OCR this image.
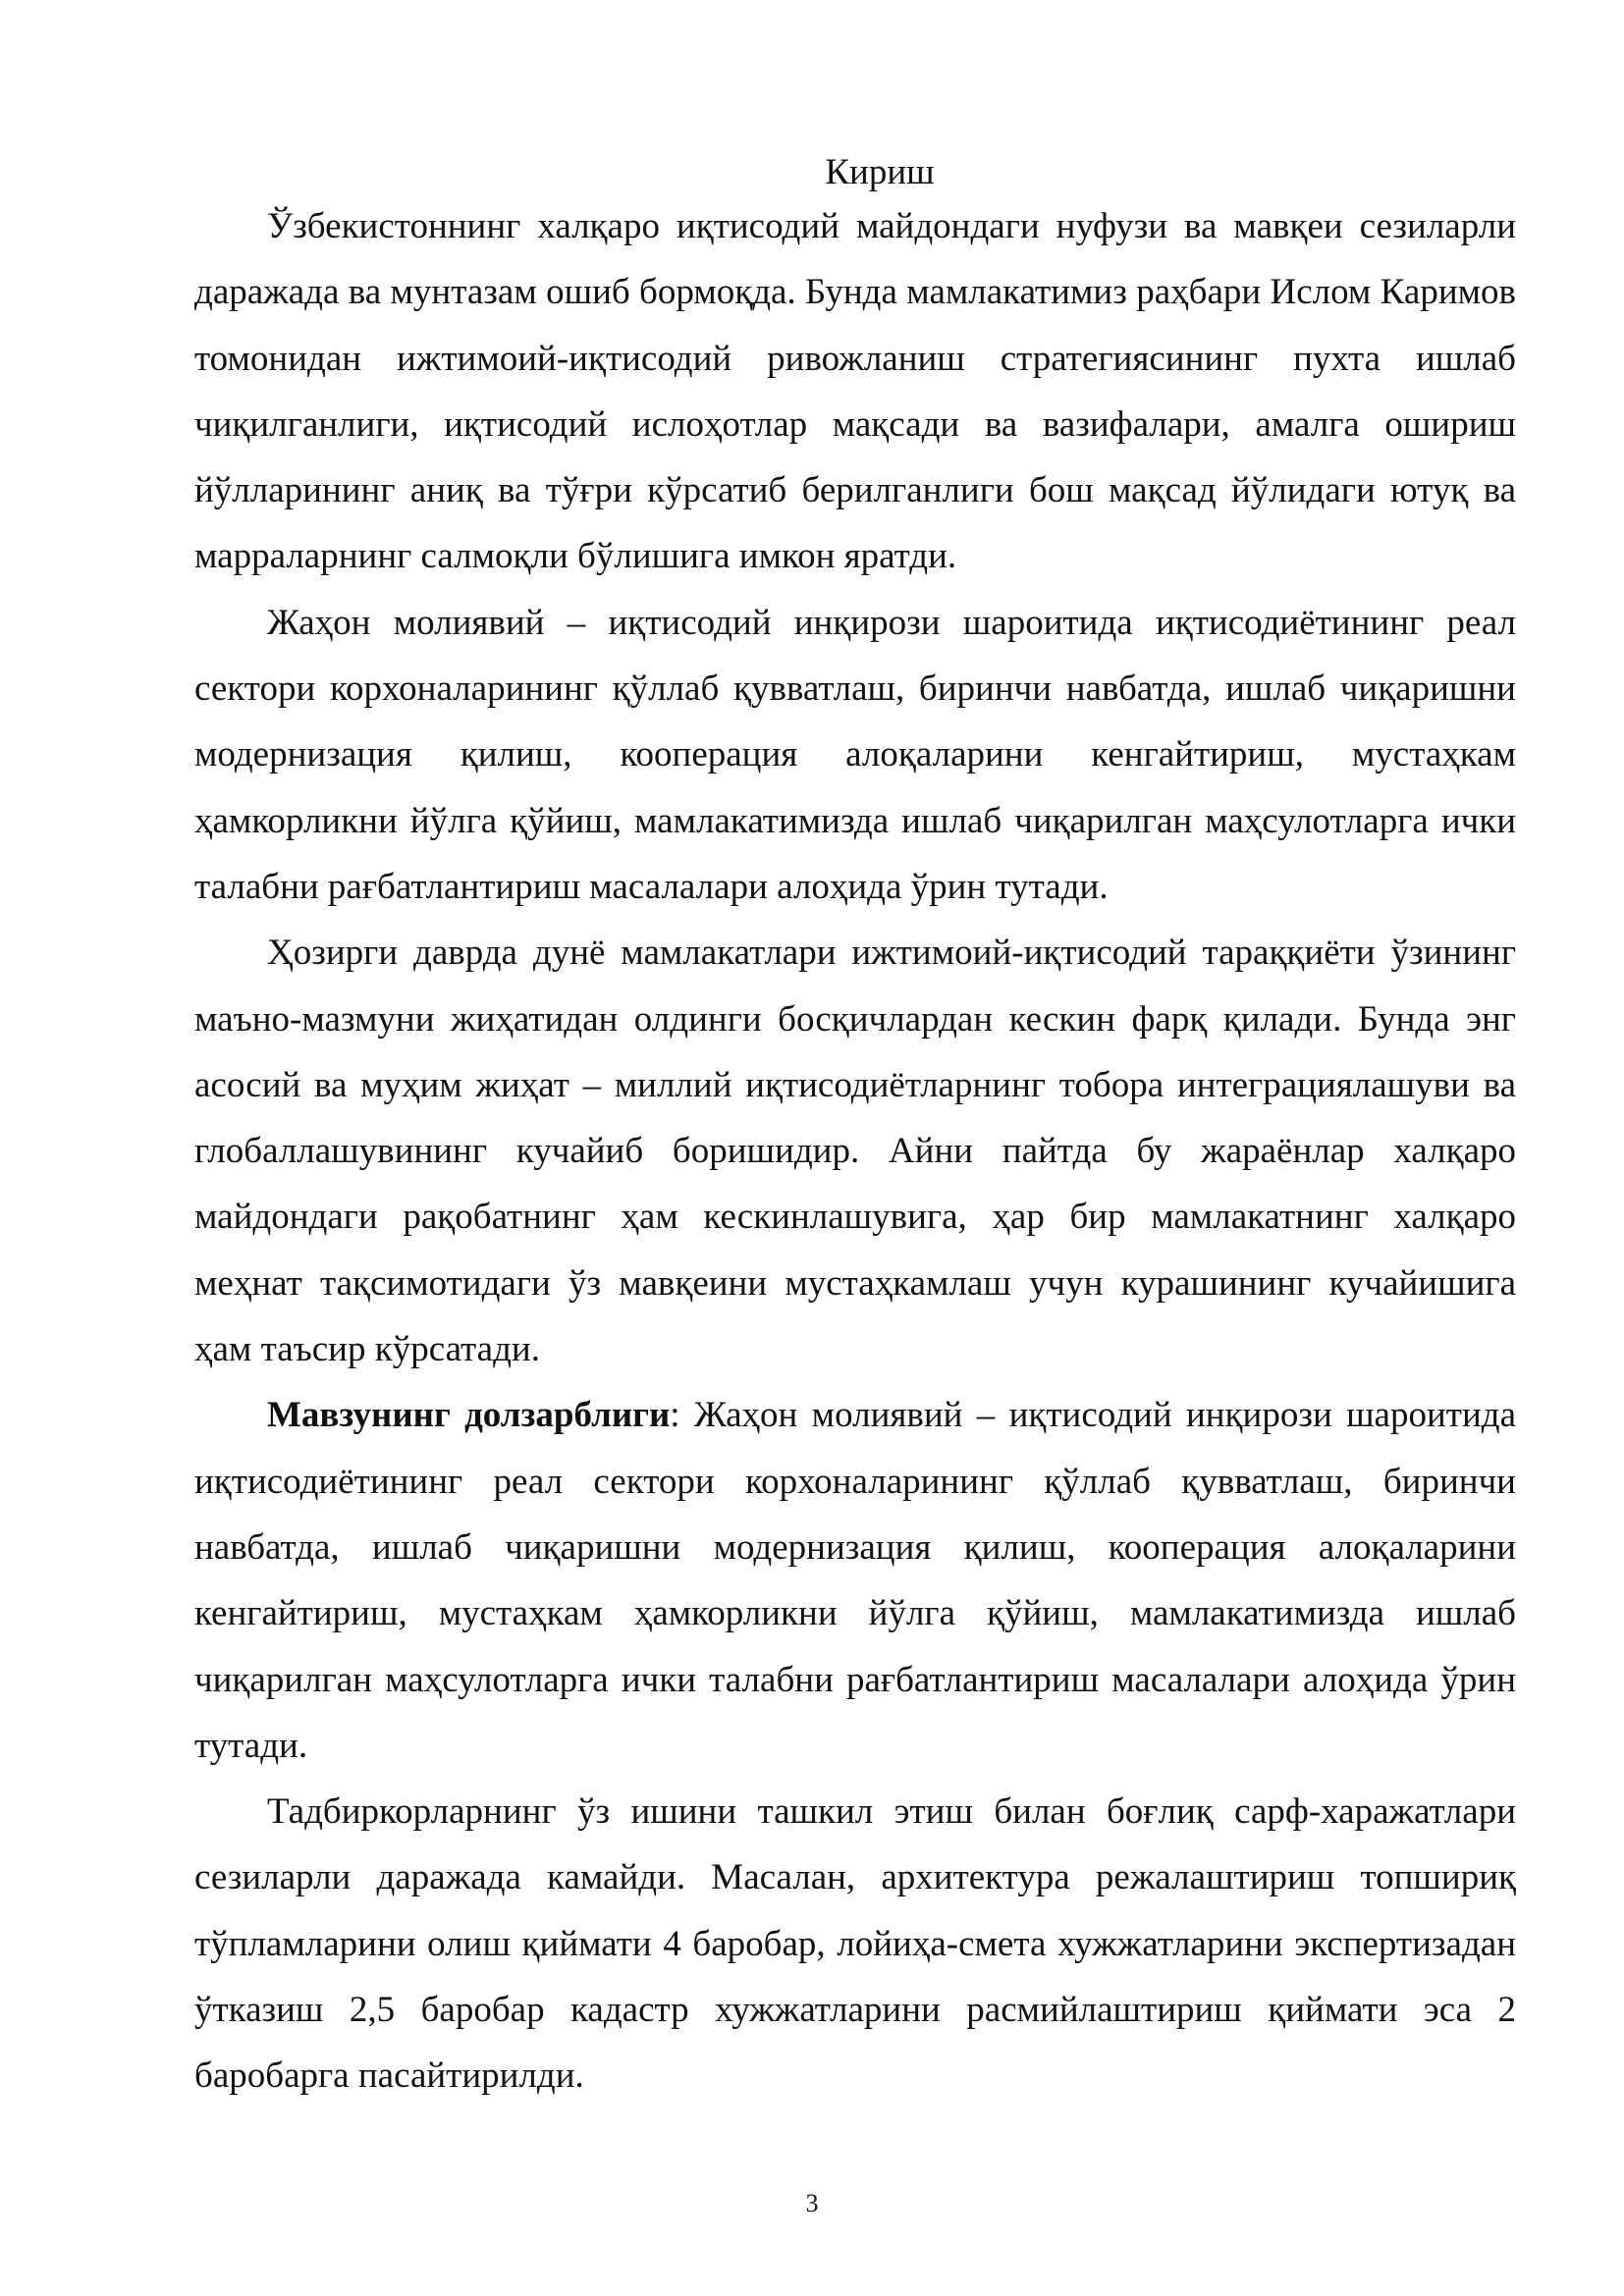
Кириш

Ўзбекистоннинг халқаро иқтисодий майдондаги нуфузи ва мавқеи сезиларли даражада ва мунтазам ошиб бормоқда. Бунда мамлакатимиз раҳбари Ислом Каримов томонидан ижтимоий-иқтисодий ривожланиш стратегиясининг пухта ишлаб чиқилганлиги, иқтисодий ислоҳотлар мақсади ва вазифалари, амалга ошириш йўлларининг аниқ ва тўғри кўрсатиб берилганлиги бош мақсад йўлидаги ютуқ ва марраларнинг салмоқли бўлишига имкон яратди.

Жаҳон молиявий – иқтисодий инқирози шароитида иқтисодиётининг реал сектори корхоналарининг қўллаб қувватлаш, биринчи навбатда, ишлаб чиқаришни модернизация қилиш, кооперация алоқаларини кенгайтириш, мустаҳкам ҳамкорликни йўлга қўйиш, мамлакатимизда ишлаб чиқарилган маҳсулотларга ички талабни рағбатлантириш масалалари алоҳида ўрин тутади.

Ҳозирги даврда дунё мамлакатлари ижтимоий-иқтисодий тараққиёти ўзининг маъно-мазмуни жиҳатидан олдинги босқичлардан кескин фарқ қилади. Бунда энг асосий ва муҳим жиҳат – миллий иқтисодиётларнинг тобора интеграциялашуви ва глобаллашувининг кучайиб боришидир. Айни пайтда бу жараёнлар халқаро майдондаги рақобатнинг ҳам кескинлашувига, ҳар бир мамлакатнинг халқаро меҳнат тақсимотидаги ўз мавқеини мустаҳкамлаш учун курашининг кучайишига ҳам таъсир кўрсатади.

Мавзунинг долзарблиги: Жаҳон молиявий – иқтисодий инқирози шароитида иқтисодиётининг реал сектори корхоналарининг қўллаб қувватлаш, биринчи навбатда, ишлаб чиқаришни модернизация қилиш, кооперация алоқаларини кенгайтириш, мустаҳкам ҳамкорликни йўлга қўйиш, мамлакатимизда ишлаб чиқарилган маҳсулотларга ички талабни рағбатлантириш масалалари алоҳида ўрин тутади.

Тадбиркорларнинг ўз ишини ташкил этиш билан боғлиқ сарф-харажатлари сезиларли даражада камайди. Масалан, архитектура режалаштириш топшириқ тўпламларини олиш қиймати 4 баробар, лойиҳа-смета хужжатларини экспертизадан ўтказиш 2,5 баробар кадастр хужжатларини расмийлаштириш қиймати эса 2 баробарга пасайтирилди.

3
